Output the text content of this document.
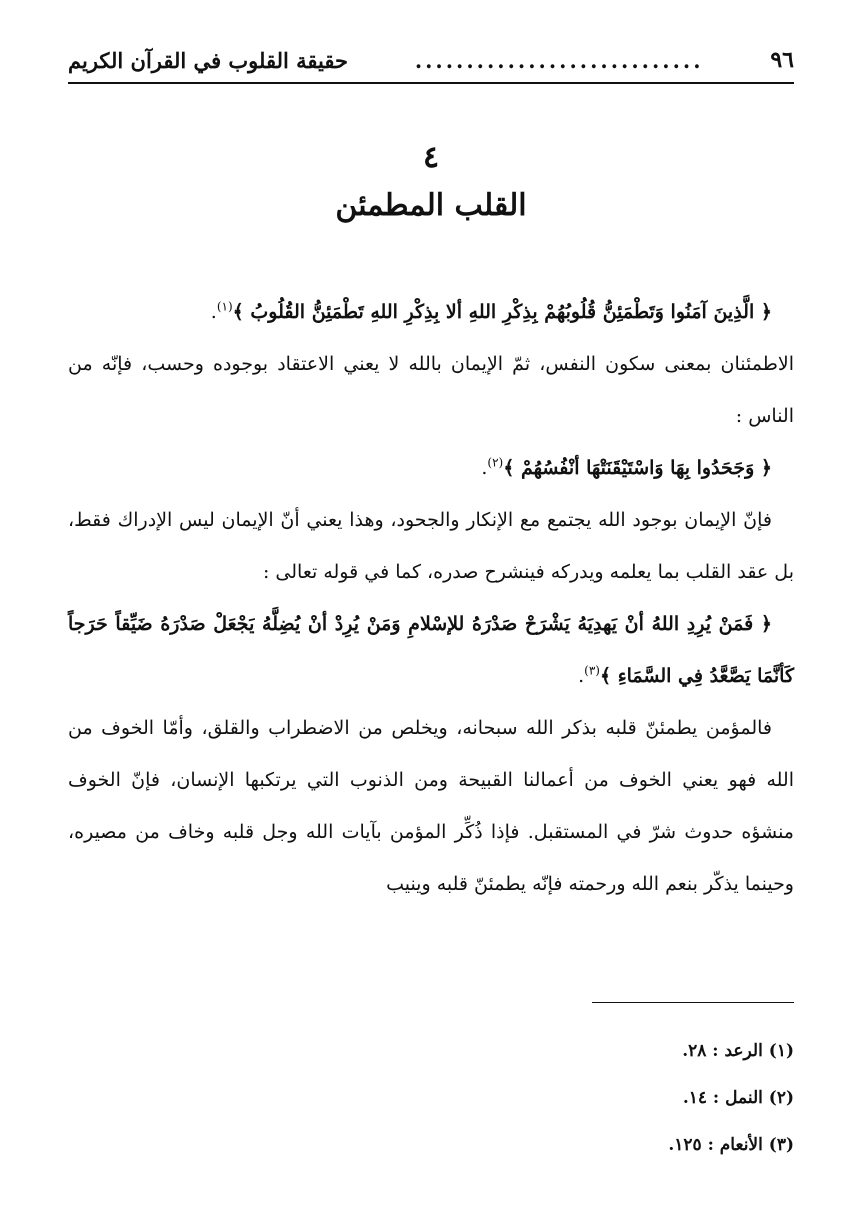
٩٦
............................
حقيقة القلوب في القرآن الكريم
٤
القلب المطمئن

﴿ الَّذِينَ آمَنُوا وَتَطْمَئِنُّ قُلُوبُهُمْ بِذِكْرِ اللهِ ألا بِذِكْرِ اللهِ تَطْمَئِنُّ القُلُوبُ ﴾$^{(١)}$.

الاطمئنان بمعنى سكون النفس، ثمّ الإيمان بالله لا يعني الاعتقاد بوجوده وحسب، فإنّه من الناس :

﴿ وَجَحَدُوا بِهَا وَاسْتَيْقَنَتْهَا أنْفُسُهُمْ ﴾$^{(٢)}$.

فإنّ الإيمان بوجود الله يجتمع مع الإنكار والجحود، وهذا يعني أنّ الإيمان ليس الإدراك فقط، بل عقد القلب بما يعلمه ويدركه فينشرح صدره، كما في قوله تعالى :

﴿ فَمَنْ يُرِدِ اللهُ أنْ يَهدِيَهُ يَشْرَحْ صَدْرَهُ للإسْلامِ وَمَنْ يُرِدْ أنْ يُضِلَّهُ يَجْعَلْ صَدْرَهُ ضَيِّقاً حَرَجاً كَأنَّمَا يَصَّعَّدُ فِي السَّمَاءِ ﴾$^{(٣)}$.

فالمؤمن يطمئنّ قلبه بذكر الله سبحانه، ويخلص من الاضطراب والقلق، وأمّا الخوف من الله فهو يعني الخوف من أعمالنا القبيحة ومن الذنوب التي يرتكبها الإنسان، فإنّ الخوف منشؤه حدوث شرّ في المستقبل. فإذا ذُكِّر المؤمن بآيات الله وجل قلبه وخاف من مصيره، وحينما يذكّر بنعم الله ورحمته فإنّه يطمئنّ قلبه وينيب

(١) الرعد : ٢٨.
(٢) النمل : ١٤.
(٣) الأنعام : ١٢٥.
